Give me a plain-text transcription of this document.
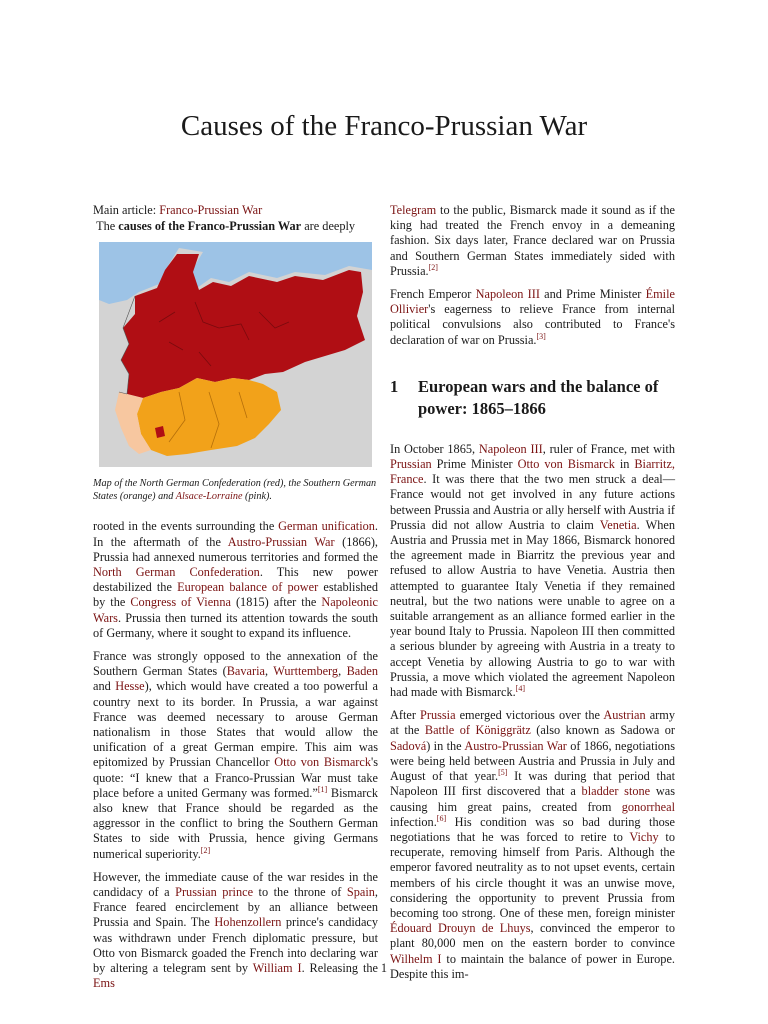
Causes of the Franco-Prussian War

Main article: Franco-Prussian War

The causes of the Franco-Prussian War are deeply

Map of the North German Confederation (red), the Southern German States (orange) and Alsace-Lorraine (pink).

rooted in the events surrounding the German unification. In the aftermath of the Austro-Prussian War (1866), Prussia had annexed numerous territories and formed the North German Confederation. This new power destabilized the European balance of power established by the Congress of Vienna (1815) after the Napoleonic Wars. Prussia then turned its attention towards the south of Germany, where it sought to expand its influence.

France was strongly opposed to the annexation of the Southern German States (Bavaria, Wurttemberg, Baden and Hesse), which would have created a too powerful a country next to its border. In Prussia, a war against France was deemed necessary to arouse German nationalism in those States that would allow the unification of a great German empire. This aim was epitomized by Prussian Chancellor Otto von Bismarck's quote: “I knew that a Franco-Prussian War must take place before a united Germany was formed.”[1] Bismarck also knew that France should be regarded as the aggressor in the conflict to bring the Southern German States to side with Prussia, hence giving Germans numerical superiority.[2]

However, the immediate cause of the war resides in the candidacy of a Prussian prince to the throne of Spain, France feared encirclement by an alliance between Prussia and Spain. The Hohenzollern prince's candidacy was withdrawn under French diplomatic pressure, but Otto von Bismarck goaded the French into declaring war by altering a telegram sent by William I. Releasing the Ems

Telegram to the public, Bismarck made it sound as if the king had treated the French envoy in a demeaning fashion. Six days later, France declared war on Prussia and Southern German States immediately sided with Prussia.[2]

French Emperor Napoleon III and Prime Minister Émile Ollivier's eagerness to relieve France from internal political convulsions also contributed to France's declaration of war on Prussia.[3]

1	European wars and the balance of power: 1865–1866

In October 1865, Napoleon III, ruler of France, met with Prussian Prime Minister Otto von Bismarck in Biarritz, France. It was there that the two men struck a deal—France would not get involved in any future actions between Prussia and Austria or ally herself with Austria if Prussia did not allow Austria to claim Venetia. When Austria and Prussia met in May 1866, Bismarck honored the agreement made in Biarritz the previous year and refused to allow Austria to have Venetia. Austria then attempted to guarantee Italy Venetia if they remained neutral, but the two nations were unable to agree on a suitable arrangement as an alliance formed earlier in the year bound Italy to Prussia. Napoleon III then committed a serious blunder by agreeing with Austria in a treaty to accept Venetia by allowing Austria to go to war with Prussia, a move which violated the agreement Napoleon had made with Bismarck.[4]

After Prussia emerged victorious over the Austrian army at the Battle of Königgrätz (also known as Sadowa or Sadová) in the Austro-Prussian War of 1866, negotiations were being held between Austria and Prussia in July and August of that year.[5] It was during that period that Napoleon III first discovered that a bladder stone was causing him great pains, created from gonorrheal infection.[6] His condition was so bad during those negotiations that he was forced to retire to Vichy to recuperate, removing himself from Paris. Although the emperor favored neutrality as to not upset events, certain members of his circle thought it was an unwise move, considering the opportunity to prevent Prussia from becoming too strong. One of these men, foreign minister Édouard Drouyn de Lhuys, convinced the emperor to plant 80,000 men on the eastern border to convince Wilhelm I to maintain the balance of power in Europe. Despite this im-

1
